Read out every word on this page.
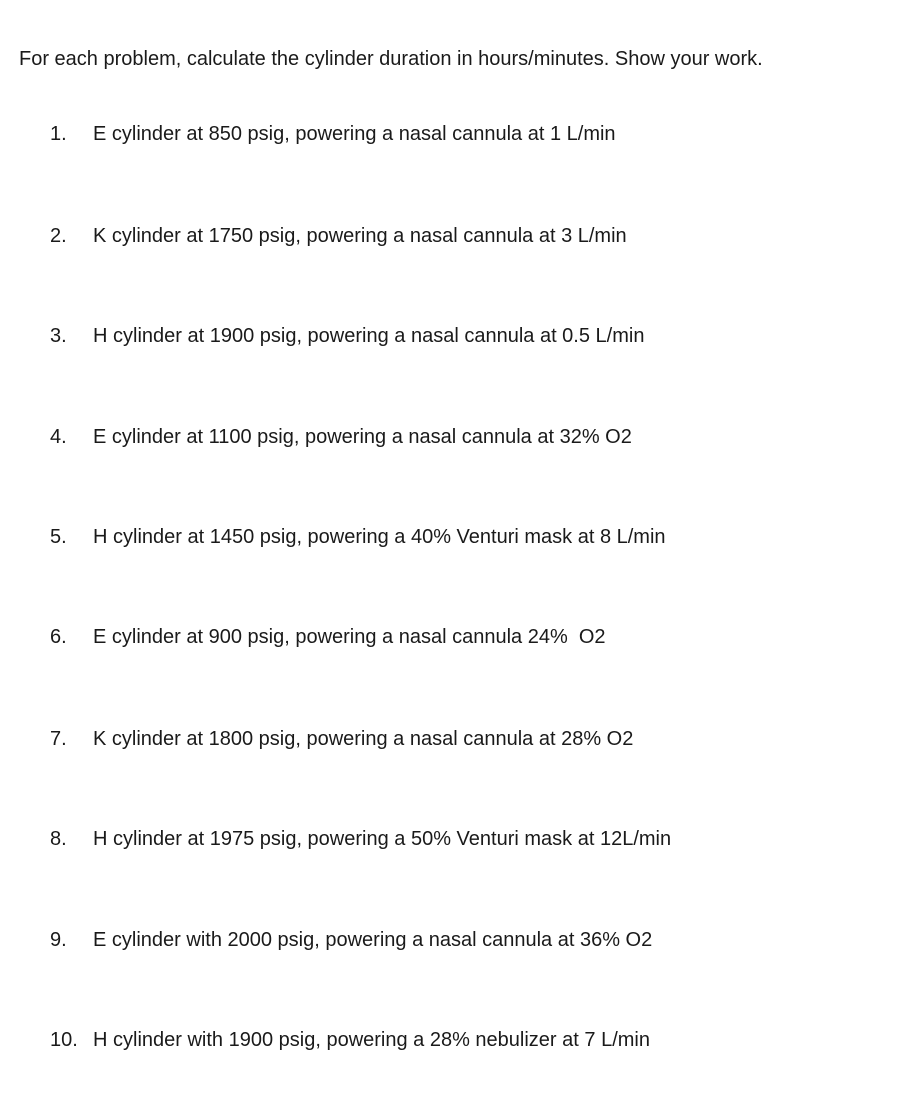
For each problem, calculate the cylinder duration in hours/minutes. Show your work.

1. E cylinder at 850 psig, powering a nasal cannula at 1 L/min
2. K cylinder at 1750 psig, powering a nasal cannula at 3 L/min
3. H cylinder at 1900 psig, powering a nasal cannula at 0.5 L/min
4. E cylinder at 1100 psig, powering a nasal cannula at 32% O2
5. H cylinder at 1450 psig, powering a 40% Venturi mask at 8 L/min
6. E cylinder at 900 psig, powering a nasal cannula 24%  O2
7. K cylinder at 1800 psig, powering a nasal cannula at 28% O2
8. H cylinder at 1975 psig, powering a 50% Venturi mask at 12L/min
9. E cylinder with 2000 psig, powering a nasal cannula at 36% O2
10. H cylinder with 1900 psig, powering a 28% nebulizer at 7 L/min
